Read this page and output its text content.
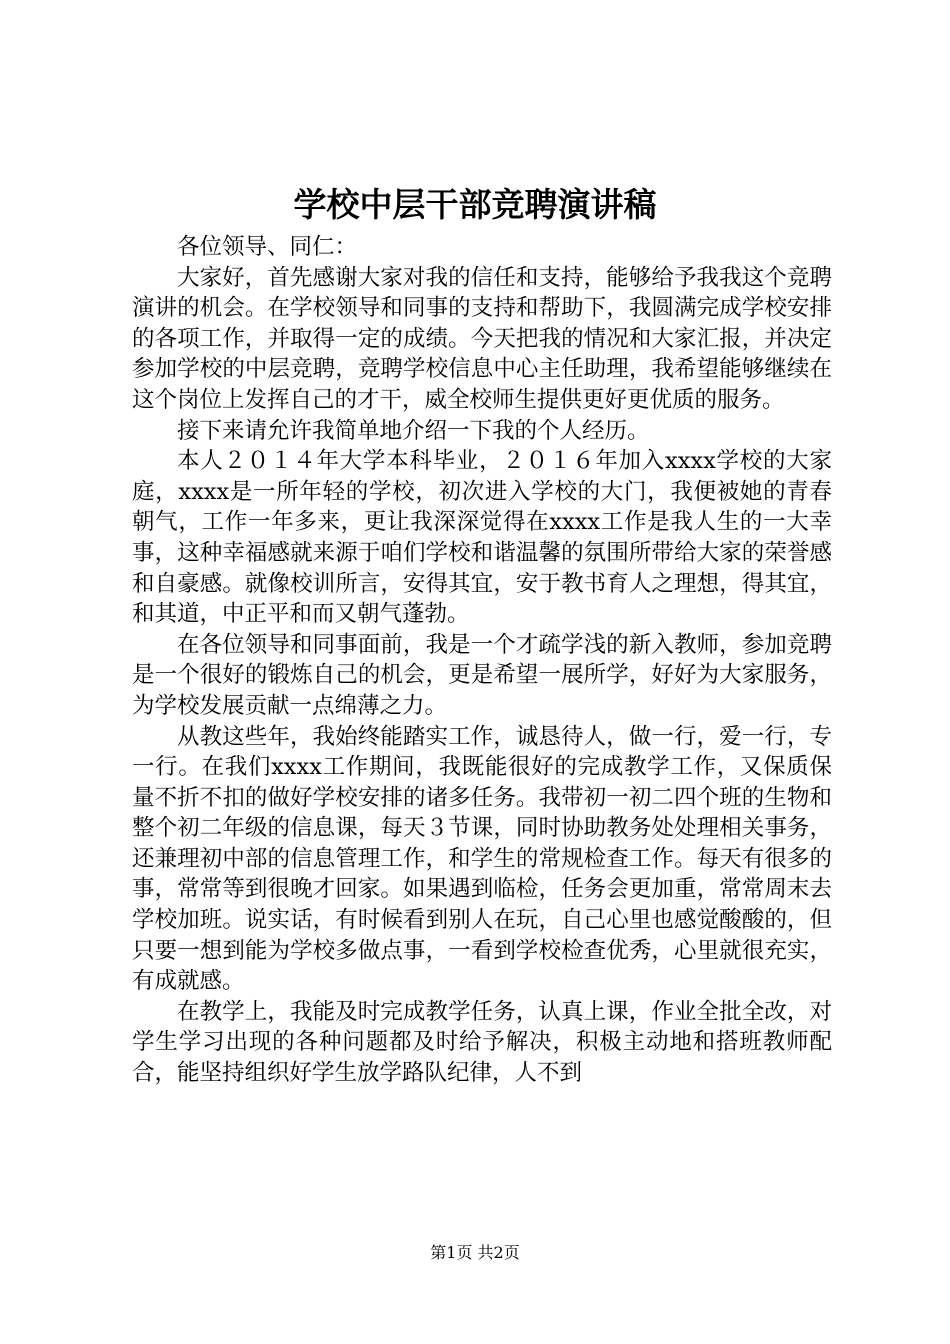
学校中层干部竞聘演讲稿

各位领导、同仁：

大家好，首先感谢大家对我的信任和支持，能够给予我我这个竞聘演讲的机会。在学校领导和同事的支持和帮助下，我圆满完成学校安排的各项工作，并取得一定的成绩。今天把我的情况和大家汇报，并决定参加学校的中层竞聘，竞聘学校信息中心主任助理，我希望能够继续在这个岗位上发挥自己的才干，威全校师生提供更好更优质的服务。

接下来请允许我简单地介绍一下我的个人经历。

本人２０１４年大学本科毕业，２０１６年加入xxxx学校的大家庭，xxxx是一所年轻的学校，初次进入学校的大门，我便被她的青春朝气，工作一年多来，更让我深深觉得在xxxx工作是我人生的一大幸事，这种幸福感就来源于咱们学校和谐温馨的氛围所带给大家的荣誉感和自豪感。就像校训所言，安得其宜，安于教书育人之理想，得其宜，和其道，中正平和而又朝气蓬勃。

在各位领导和同事面前，我是一个才疏学浅的新入教师，参加竞聘是一个很好的锻炼自己的机会，更是希望一展所学，好好为大家服务，为学校发展贡献一点绵薄之力。

从教这些年，我始终能踏实工作，诚恳待人，做一行，爱一行，专一行。在我们xxxx工作期间，我既能很好的完成教学工作，又保质保量不折不扣的做好学校安排的诸多任务。我带初一初二四个班的生物和整个初二年级的信息课，每天３节课，同时协助教务处处理相关事务，还兼理初中部的信息管理工作，和学生的常规检查工作。每天有很多的事，常常等到很晚才回家。如果遇到临检，任务会更加重，常常周末去学校加班。说实话，有时候看到别人在玩，自己心里也感觉酸酸的，但只要一想到能为学校多做点事，一看到学校检查优秀，心里就很充实，有成就感。

在教学上，我能及时完成教学任务，认真上课，作业全批全改，对学生学习出现的各种问题都及时给予解决，积极主动地和搭班教师配合，能坚持组织好学生放学路队纪律，人不到

第1页 共2页
